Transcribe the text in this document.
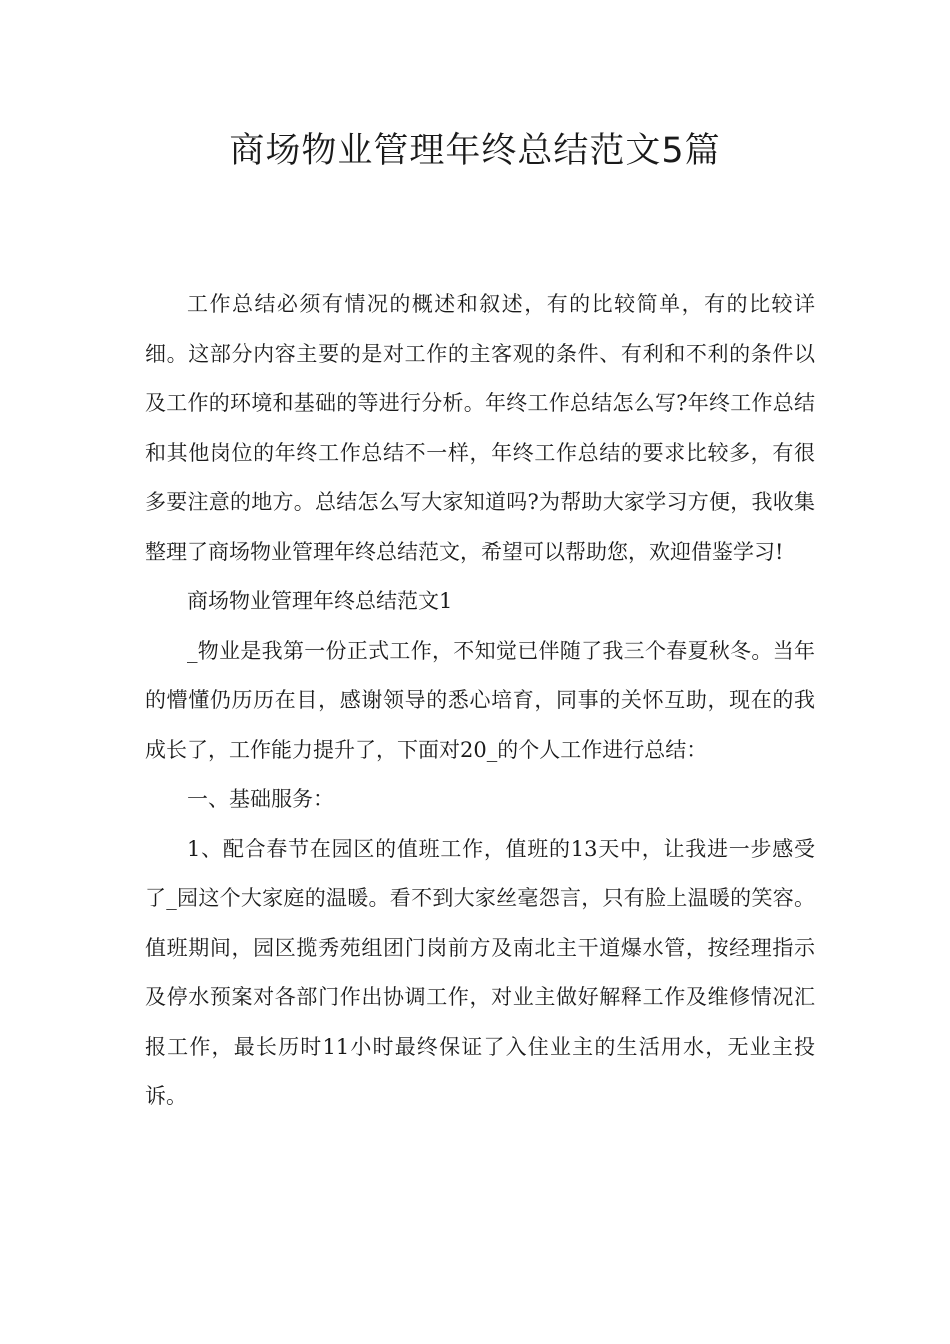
商场物业管理年终总结范文5篇

工作总结必须有情况的概述和叙述，有的比较简单，有的比较详细。这部分内容主要的是对工作的主客观的条件、有利和不利的条件以及工作的环境和基础的等进行分析。年终工作总结怎么写?年终工作总结和其他岗位的年终工作总结不一样，年终工作总结的要求比较多，有很多要注意的地方。总结怎么写大家知道吗?为帮助大家学习方便，我收集整理了商场物业管理年终总结范文，希望可以帮助您，欢迎借鉴学习!

商场物业管理年终总结范文1

_物业是我第一份正式工作，不知觉已伴随了我三个春夏秋冬。当年的懵懂仍历历在目，感谢领导的悉心培育，同事的关怀互助，现在的我成长了，工作能力提升了，下面对20_的个人工作进行总结：

一、基础服务：

1、配合春节在园区的值班工作，值班的13天中，让我进一步感受了_园这个大家庭的温暖。看不到大家丝毫怨言，只有脸上温暖的笑容。值班期间，园区揽秀苑组团门岗前方及南北主干道爆水管，按经理指示及停水预案对各部门作出协调工作，对业主做好解释工作及维修情况汇报工作，最长历时11小时最终保证了入住业主的生活用水，无业主投诉。
